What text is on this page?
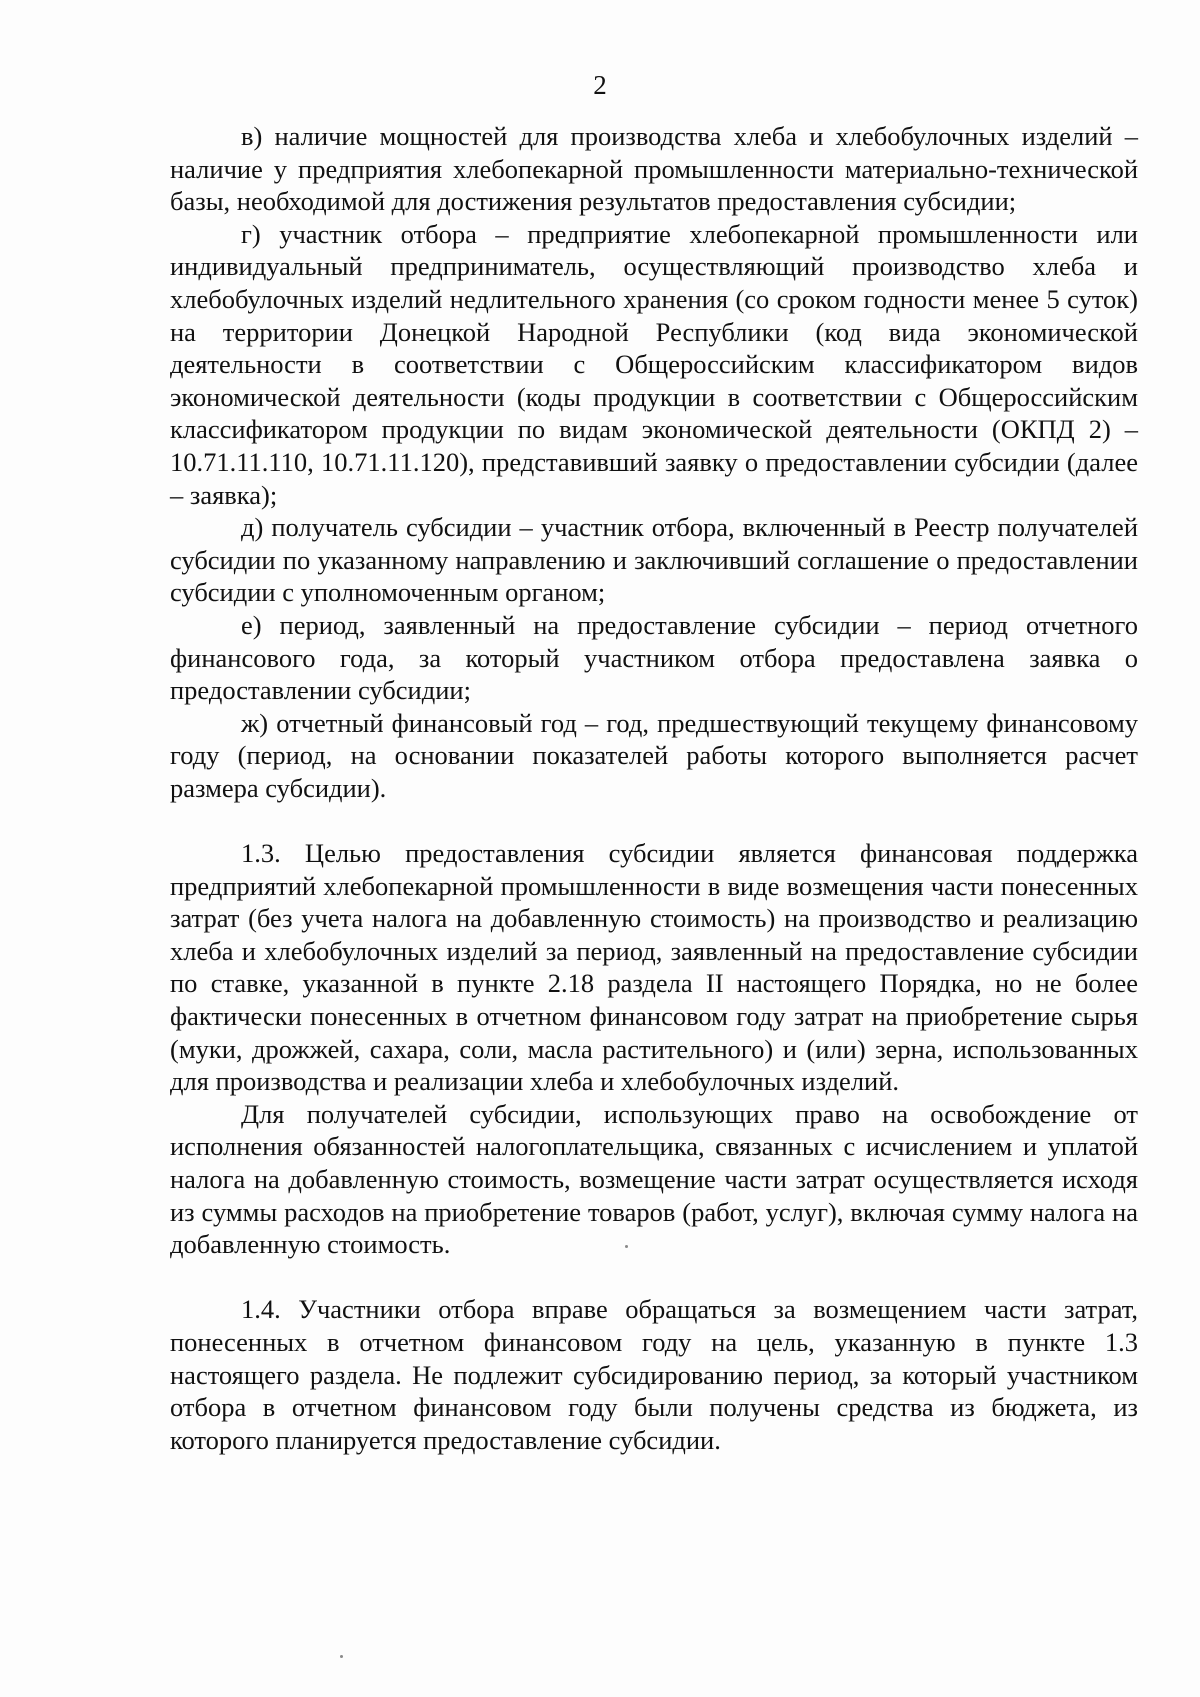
2

в) наличие мощностей для производства хлеба и хлебобулочных изделий – наличие у предприятия хлебопекарной промышленности материально-технической базы, необходимой для достижения результатов предоставления субсидии;

г) участник отбора – предприятие хлебопекарной промышленности или индивидуальный предприниматель, осуществляющий производство хлеба и хлебобулочных изделий недлительного хранения (со сроком годности менее 5 суток) на территории Донецкой Народной Республики (код вида экономической деятельности в соответствии с Общероссийским классификатором видов экономической деятельности (коды продукции в соответствии с Общероссийским классификатором продукции по видам экономической деятельности (ОКПД 2) – 10.71.11.110, 10.71.11.120), представивший заявку о предоставлении субсидии (далее – заявка);

д) получатель субсидии – участник отбора, включенный в Реестр получателей субсидии по указанному направлению и заключивший соглашение о предоставлении субсидии с уполномоченным органом;

е) период, заявленный на предоставление субсидии – период отчетного финансового года, за который участником отбора предоставлена заявка о предоставлении субсидии;

ж) отчетный финансовый год – год, предшествующий текущему финансовому году (период, на основании показателей работы которого выполняется расчет размера субсидии).

1.3. Целью предоставления субсидии является финансовая поддержка предприятий хлебопекарной промышленности в виде возмещения части понесенных затрат (без учета налога на добавленную стоимость) на производство и реализацию хлеба и хлебобулочных изделий за период, заявленный на предоставление субсидии по ставке, указанной в пункте 2.18 раздела II настоящего Порядка, но не более фактически понесенных в отчетном финансовом году затрат на приобретение сырья (муки, дрожжей, сахара, соли, масла растительного) и (или) зерна, использованных для производства и реализации хлеба и хлебобулочных изделий.

Для получателей субсидии, использующих право на освобождение от исполнения обязанностей налогоплательщика, связанных с исчислением и уплатой налога на добавленную стоимость, возмещение части затрат осуществляется исходя из суммы расходов на приобретение товаров (работ, услуг), включая сумму налога на добавленную стоимость.

1.4. Участники отбора вправе обращаться за возмещением части затрат, понесенных в отчетном финансовом году на цель, указанную в пункте 1.3 настоящего раздела. Не подлежит субсидированию период, за который участником отбора в отчетном финансовом году были получены средства из бюджета, из которого планируется предоставление субсидии.
